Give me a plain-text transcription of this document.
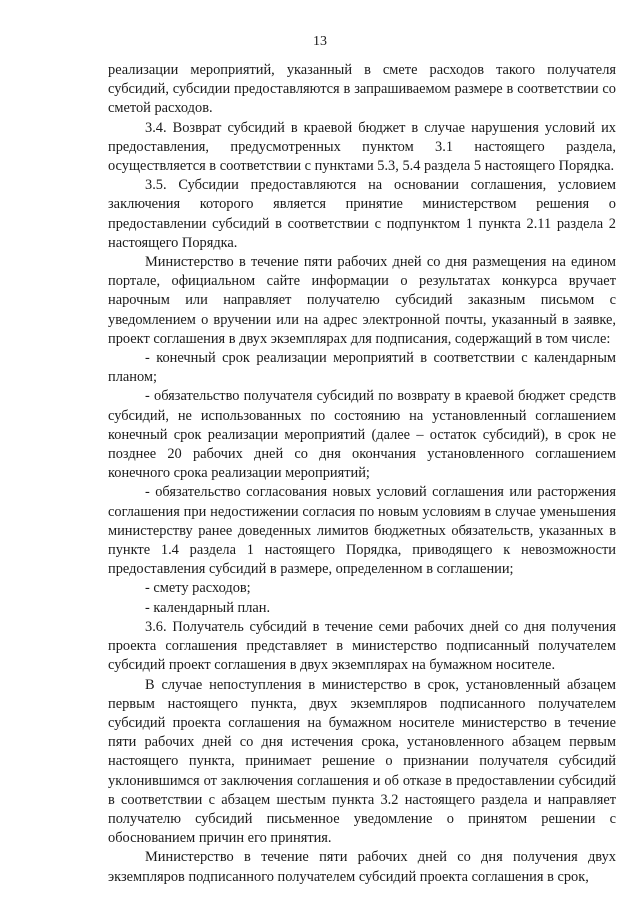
13

реализации мероприятий, указанный в смете расходов такого получателя субсидий, субсидии предоставляются в запрашиваемом размере в соответствии со сметой расходов.

3.4. Возврат субсидий в краевой бюджет в случае нарушения условий их предоставления, предусмотренных пунктом 3.1 настоящего раздела, осуществляется в соответствии с пунктами 5.3, 5.4 раздела 5 настоящего Порядка.

3.5. Субсидии предоставляются на основании соглашения, условием заключения которого является принятие министерством решения о предоставлении субсидий в соответствии с подпунктом 1 пункта 2.11 раздела 2 настоящего Порядка.

Министерство в течение пяти рабочих дней со дня размещения на едином портале, официальном сайте информации о результатах конкурса вручает нарочным или направляет получателю субсидий заказным письмом с уведомлением о вручении или на адрес электронной почты, указанный в заявке, проект соглашения в двух экземплярах для подписания, содержащий в том числе:

- конечный срок реализации мероприятий в соответствии с календарным планом;

- обязательство получателя субсидий по возврату в краевой бюджет средств субсидий, не использованных по состоянию на установленный соглашением конечный срок реализации мероприятий (далее – остаток субсидий), в срок не позднее 20 рабочих дней со дня окончания установленного соглашением конечного срока реализации мероприятий;

- обязательство согласования новых условий соглашения или расторжения соглашения при недостижении согласия по новым условиям в случае уменьшения министерству ранее доведенных лимитов бюджетных обязательств, указанных в пункте 1.4 раздела 1 настоящего Порядка, приводящего к невозможности предоставления субсидий в размере, определенном в соглашении;

- смету расходов;

- календарный план.

3.6. Получатель субсидий в течение семи рабочих дней со дня получения проекта соглашения представляет в министерство подписанный получателем субсидий проект соглашения в двух экземплярах на бумажном носителе.

В случае непоступления в министерство в срок, установленный абзацем первым настоящего пункта, двух экземпляров подписанного получателем субсидий проекта соглашения на бумажном носителе министерство в течение пяти рабочих дней со дня истечения срока, установленного абзацем первым настоящего пункта, принимает решение о признании получателя субсидий уклонившимся от заключения соглашения и об отказе в предоставлении субсидий в соответствии с абзацем шестым пункта 3.2 настоящего раздела и направляет получателю субсидий письменное уведомление о принятом решении с обоснованием причин его принятия.

Министерство в течение пяти рабочих дней со дня получения двух экземпляров подписанного получателем субсидий проекта соглашения в срок,
